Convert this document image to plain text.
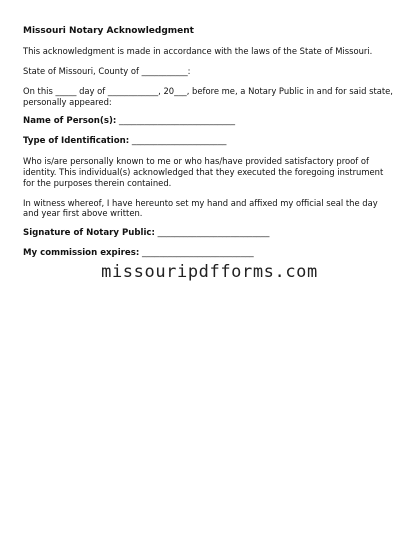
Missouri Notary Acknowledgment

This acknowledgment is made in accordance with the laws of the State of Missouri.

State of Missouri, County of ___________:

On this _____ day of ____________, 20___, before me, a Notary Public in and for said state, personally appeared:

Name of Person(s): ___________________________
Type of Identification: ______________________

Who is/are personally known to me or who has/have provided satisfactory proof of identity. This individual(s) acknowledged that they executed the foregoing instrument for the purposes therein contained.

In witness whereof, I have hereunto set my hand and affixed my official seal the day and year first above written.

Signature of Notary Public: __________________________
My commission expires: __________________________
missouripdfforms.com
